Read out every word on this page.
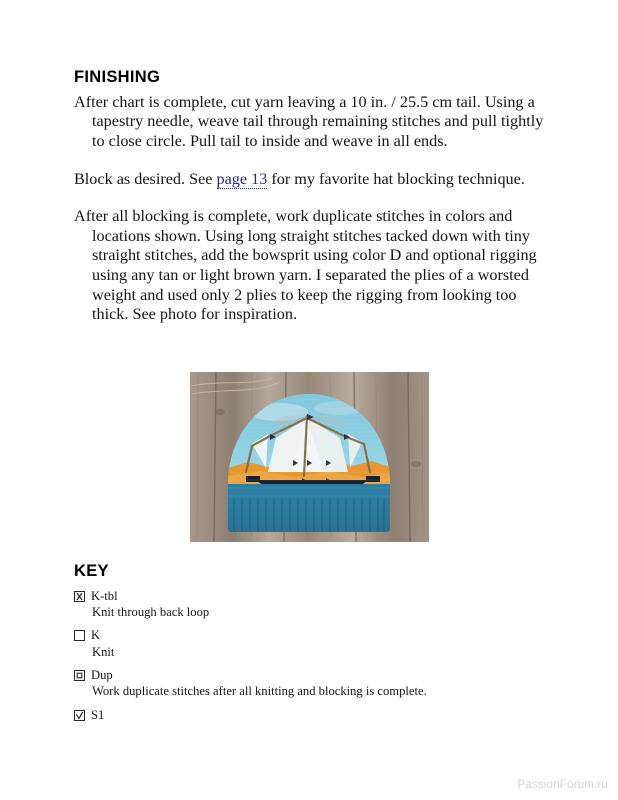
FINISHING

After chart is complete, cut yarn leaving a 10 in. / 25.5 cm tail. Using a tapestry needle, weave tail through remaining stitches and pull tightly to close circle. Pull tail to inside and weave in all ends.

Block as desired. See page 13 for my favorite hat blocking technique.

After all blocking is complete, work duplicate stitches in colors and locations shown. Using long straight stitches tacked down with tiny straight stitches, add the bowsprit using color D and optional rigging using any tan or light brown yarn. I separated the plies of a worsted weight and used only 2 plies to keep the rigging from looking too thick. See photo for inspiration.

KEY
K-tbl
Knit through back loop
K
Knit
Dup
Work duplicate stitches after all knitting and blocking is complete.
S1
PassionForum.ru
